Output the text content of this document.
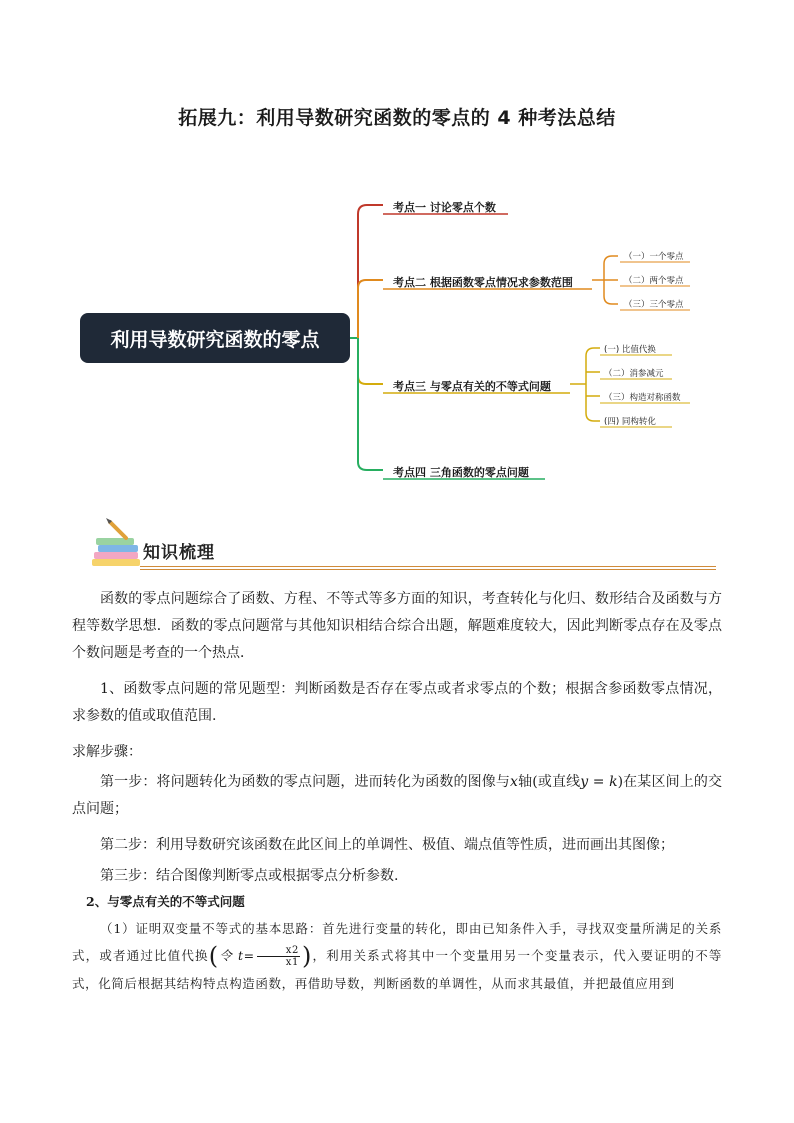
拓展九：利用导数研究函数的零点的 4 种考法总结
利用导数研究函数的零点
考点一 讨论零点个数
考点二 根据函数零点情况求参数范围
考点三 与零点有关的不等式问题
考点四 三角函数的零点问题
（一）一个零点
（二）两个零点
（三）三个零点
(一) 比值代换
（二）消参减元
（三）构造对称函数
(四) 同构转化
知识梳理
函数的零点问题综合了函数、方程、不等式等多方面的知识，考查转化与化归、数形结合及函数与方程等数学思想．函数的零点问题常与其他知识相结合综合出题，解题难度较大，因此判断零点存在及零点个数问题是考查的一个热点．
1、函数零点问题的常见题型：判断函数是否存在零点或者求零点的个数；根据含参函数零点情况，求参数的值或取值范围.
求解步骤：
第一步：将问题转化为函数的零点问题，进而转化为函数的图像与x轴(或直线y = k)在某区间上的交点问题；
第二步：利用导数研究该函数在此区间上的单调性、极值、端点值等性质，进而画出其图像；
第三步：结合图像判断零点或根据零点分析参数.
2、与零点有关的不等式问题
（1）证明双变量不等式的基本思路：首先进行变量的转化，即由已知条件入手，寻找双变量所满足的关系式，或者通过比值代换(令 $t= \frac{x2}{x1}$ )，利用关系式将其中一个变量用另一个变量表示，代入要证明的不等式，化简后根据其结构特点构造函数，再借助导数，判断函数的单调性，从而求其最值，并把最值应用到
